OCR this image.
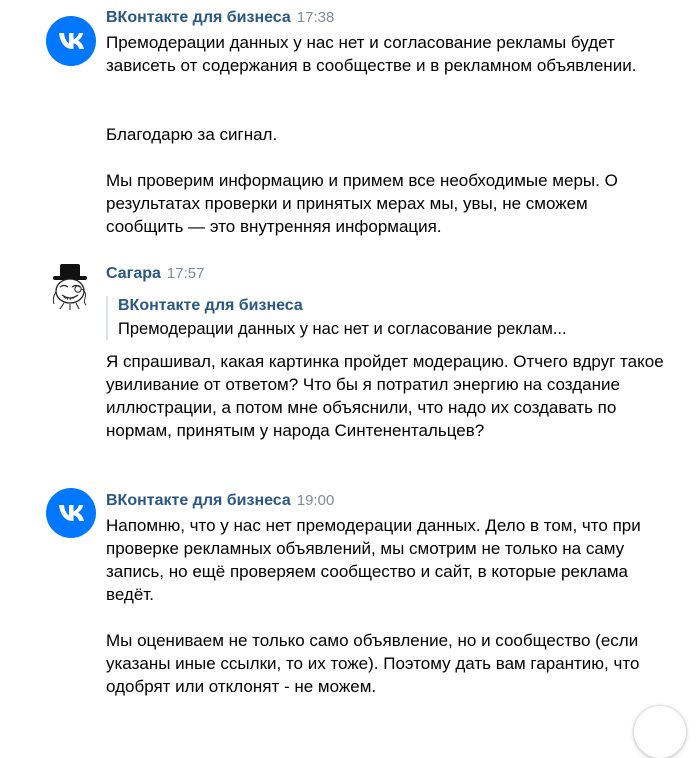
ВКонтакте для бизнеса 17:38
Премодерации данных у нас нет и согласование рекламы будет зависеть от содержания в сообществе и в рекламном объявлении.
Благодарю за сигнал.
Мы проверим информацию и примем все необходимые меры. О результатах проверки и принятых мерах мы, увы, не сможем сообщить — это внутренняя информация.
Сагара 17:57
ВКонтакте для бизнеса
Премодерации данных у нас нет и согласование реклам...
Я спрашивал, какая картинка пройдет модерацию. Отчего вдруг такое увиливание от ответом? Что бы я потратил энергию на создание иллюстрации, а потом мне объяснили, что надо их создавать по нормам, принятым у народа Синтенентальцев?
ВКонтакте для бизнеса 19:00
Напомню, что у нас нет премодерации данных. Дело в том, что при проверке рекламных объявлений, мы смотрим не только на саму запись, но ещё проверяем сообщество и сайт, в которые реклама ведёт.
Мы оцениваем не только само объявление, но и сообщество (если указаны иные ссылки, то их тоже). Поэтому дать вам гарантию, что одобрят или отклонят - не можем.
